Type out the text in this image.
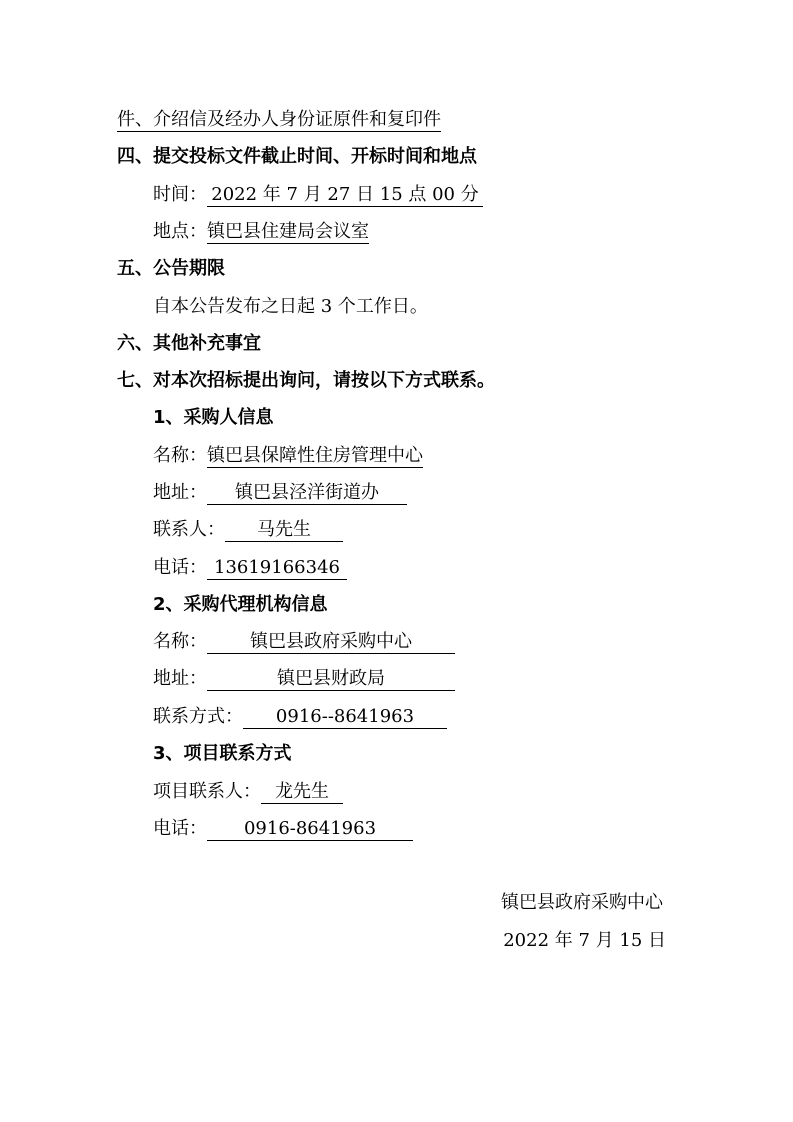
件、介绍信及经办人身份证原件和复印件
四、提交投标文件截止时间、开标时间和地点
时间： 2022 年 7 月 27 日 15 点 00 分
地点：镇巴县住建局会议室
五、公告期限
自本公告发布之日起 3 个工作日。
六、其他补充事宜
七、对本次招标提出询问，请按以下方式联系。
1、采购人信息
名称：镇巴县保障性住房管理中心
地址： 镇巴县泾洋街道办
联系人： 马先生
电话： 13619166346
2、采购代理机构信息
名称： 镇巴县政府采购中心
地址：	镇巴县财政局
联系方式： 0916--8641963
3、项目联系方式
项目联系人： 龙先生
电话： 0916-8641963
镇巴县政府采购中心
2022 年 7 月 15 日
